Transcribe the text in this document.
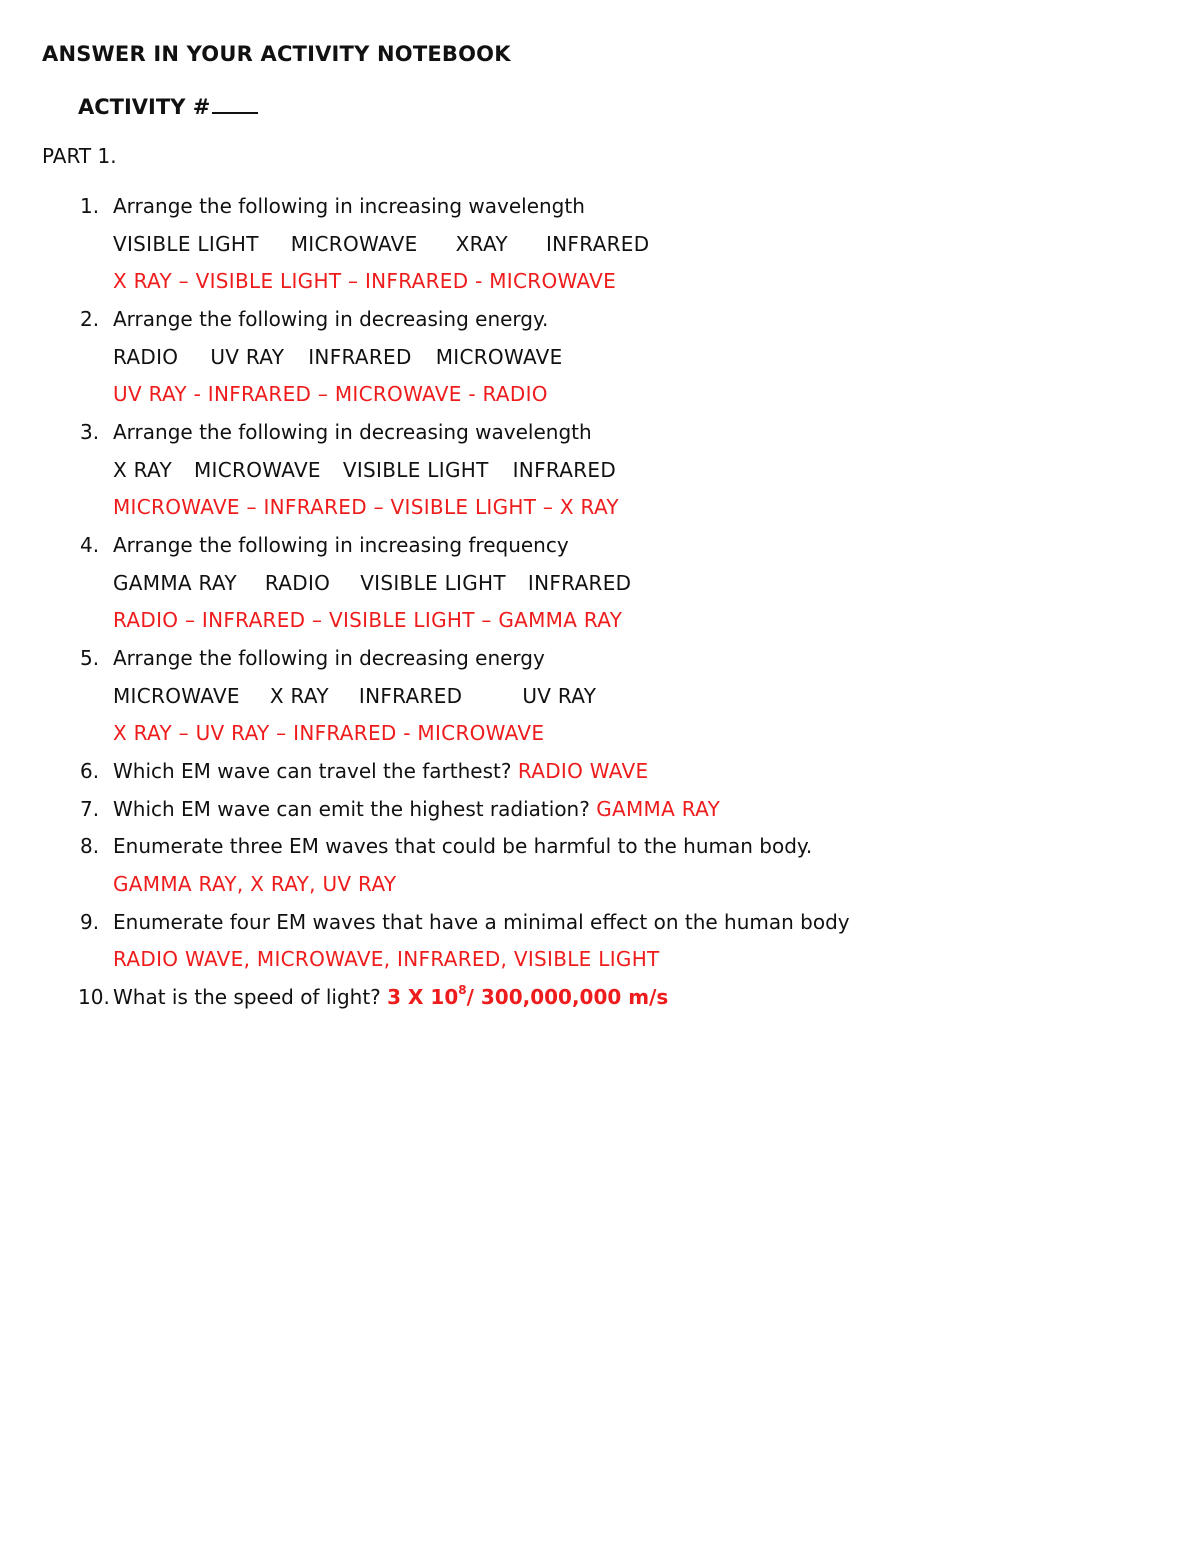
ANSWER IN YOUR ACTIVITY NOTEBOOK
ACTIVITY #
PART 1.
1. Arrange the following in increasing wavelength
VISIBLE LIGHT MICROWAVE XRAY INFRARED
X RAY – VISIBLE LIGHT – INFRARED - MICROWAVE
2. Arrange the following in decreasing energy.
RADIO UV RAY INFRARED MICROWAVE
UV RAY - INFRARED – MICROWAVE - RADIO
3. Arrange the following in decreasing wavelength
X RAY MICROWAVE VISIBLE LIGHT INFRARED
MICROWAVE – INFRARED – VISIBLE LIGHT – X RAY
4. Arrange the following in increasing frequency
GAMMA RAY RADIO VISIBLE LIGHT INFRARED
RADIO – INFRARED – VISIBLE LIGHT – GAMMA RAY
5. Arrange the following in decreasing energy
MICROWAVE X RAY INFRARED	UV RAY
X RAY – UV RAY – INFRARED - MICROWAVE
6. Which EM wave can travel the farthest? RADIO WAVE
7. Which EM wave can emit the highest radiation? GAMMA RAY
8. Enumerate three EM waves that could be harmful to the human body.
GAMMA RAY, X RAY, UV RAY
9. Enumerate four EM waves that have a minimal effect on the human body
RADIO WAVE, MICROWAVE, INFRARED, VISIBLE LIGHT
10. What is the speed of light? 3 X $10^8/$ 300,000,000 m/s
